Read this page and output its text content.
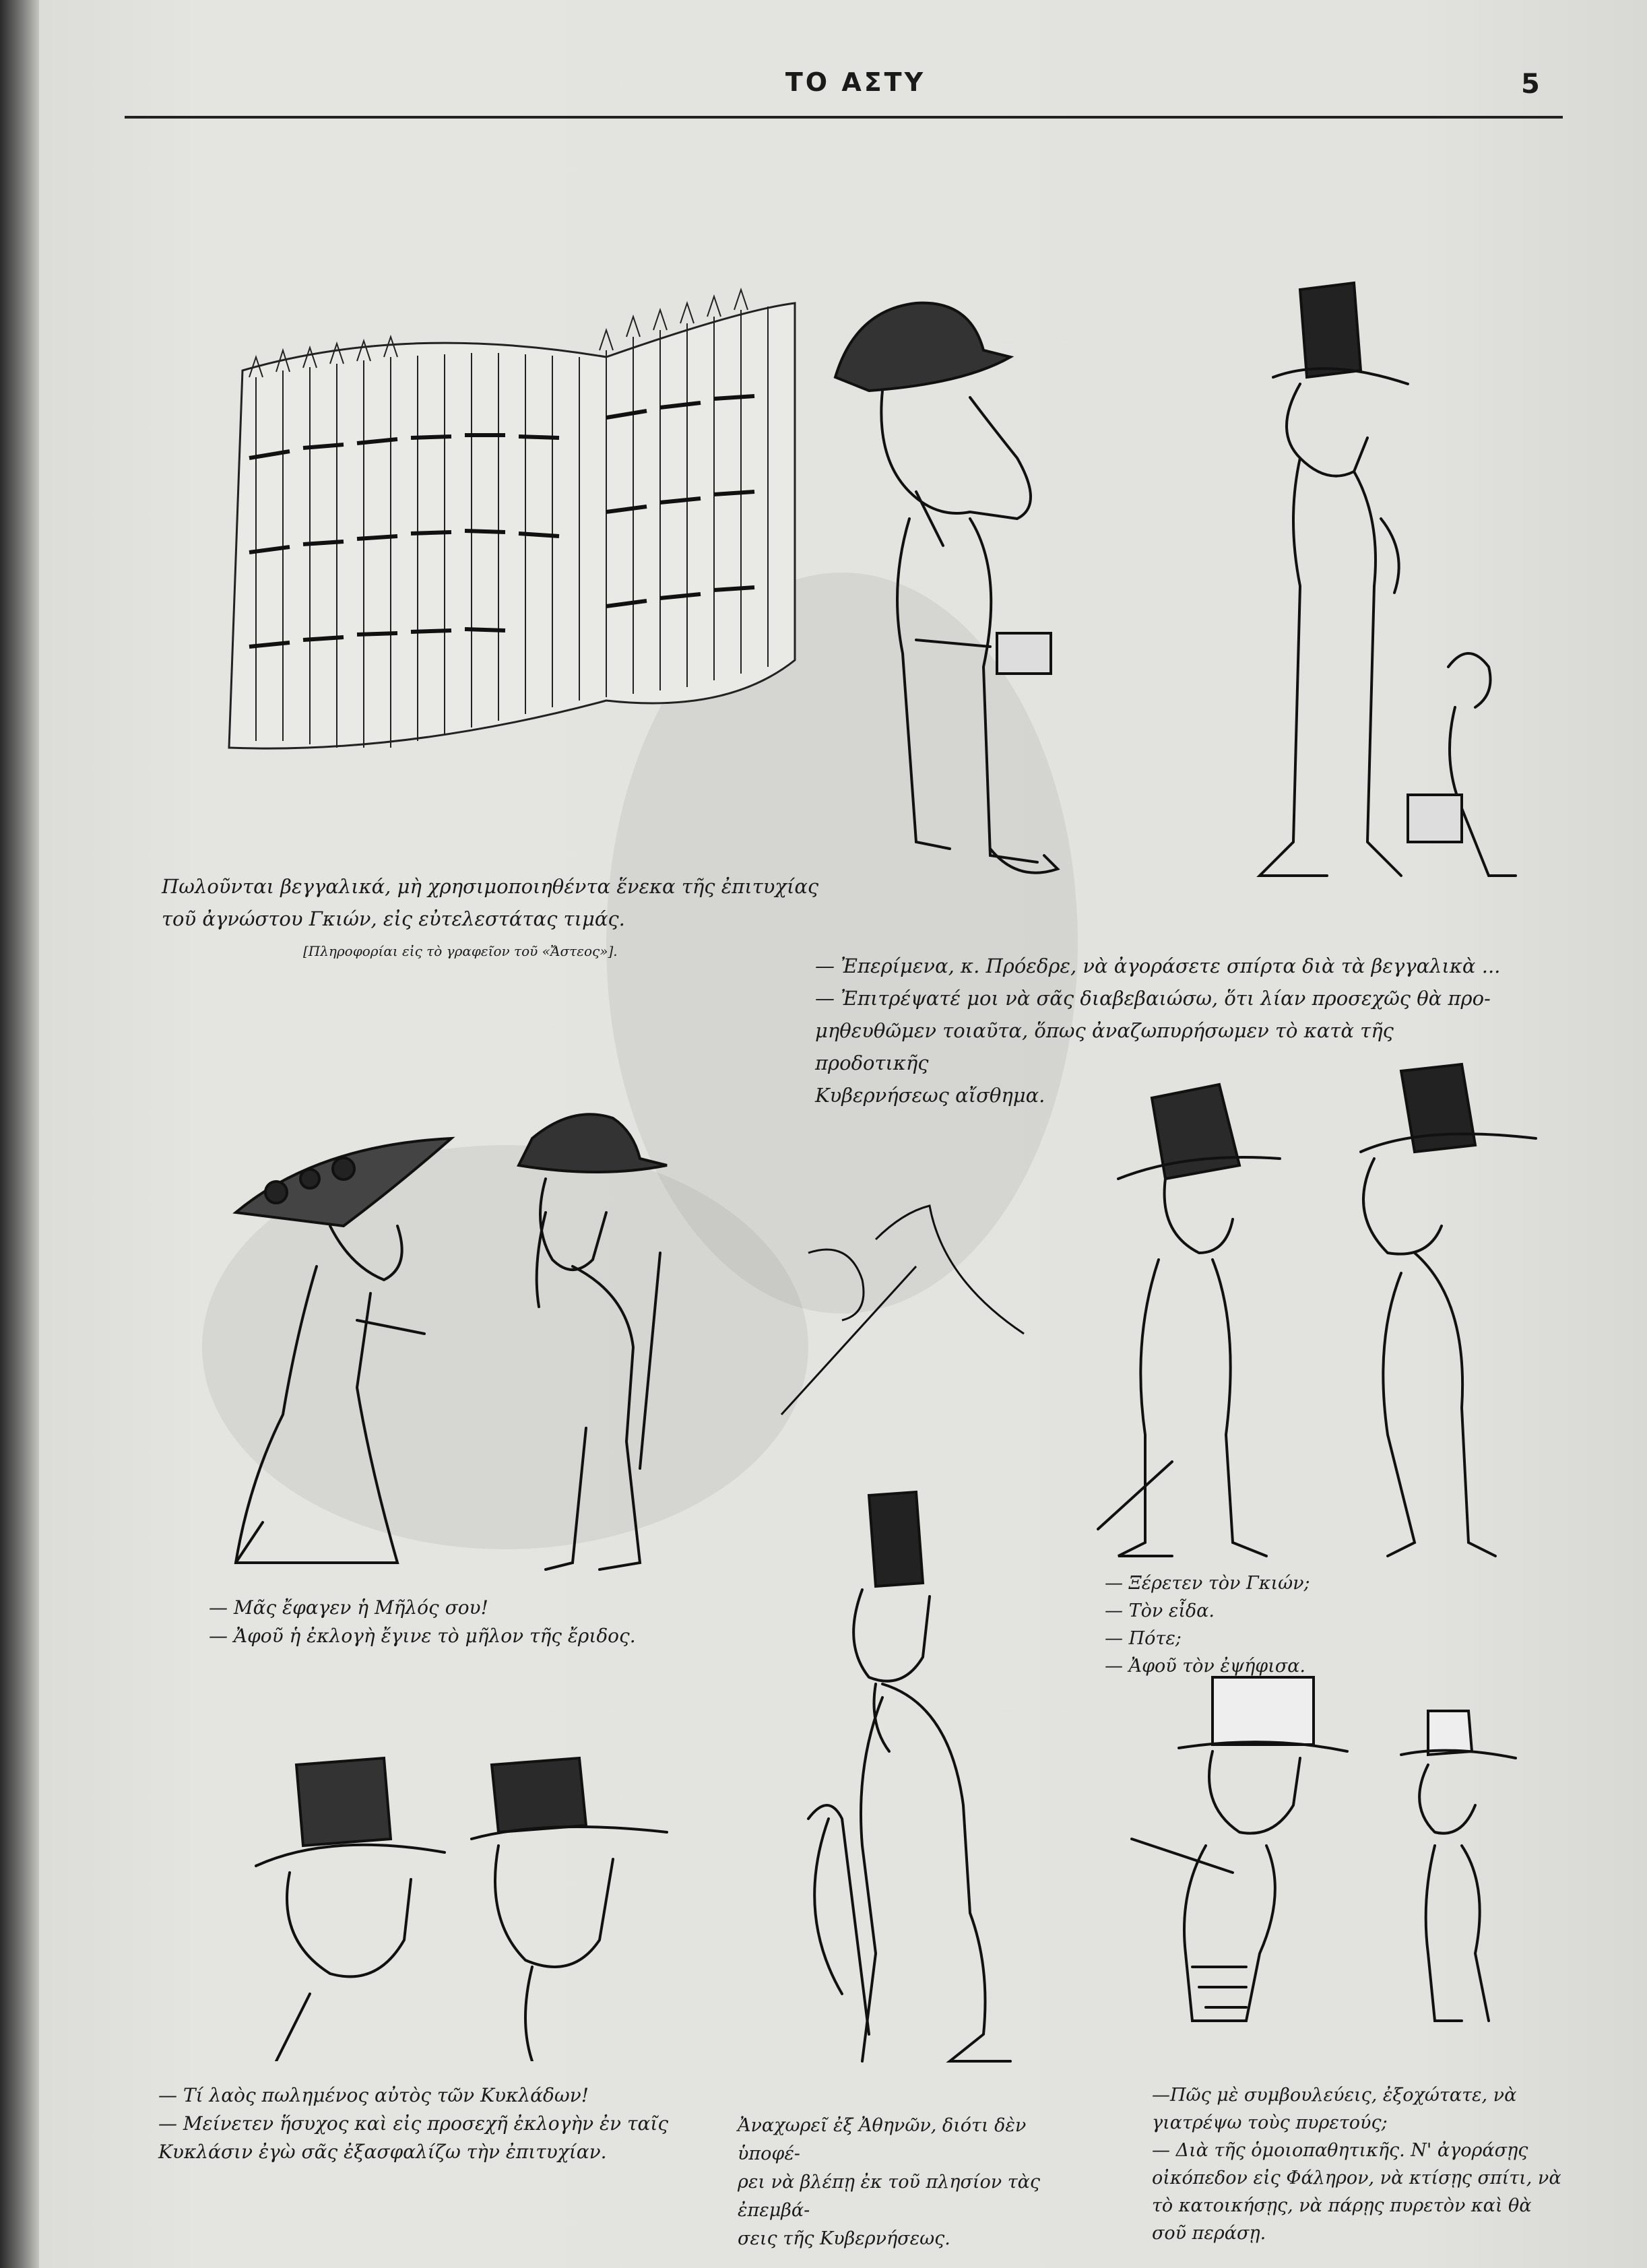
ΤΟ ΑΣΤΥ	5

Πωλοῦνται βεγγαλικά, μὴ χρησιμοποιηθέντα ἕνεκα τῆς ἐπιτυχίας

τοῦ ἀγνώστου Γκιών, εἰς εὐτελεστάτας τιμάς.

[Πληροφορίαι εἰς τὸ γραφεῖον τοῦ «Ἄστεος»].

— Ἐπερίμενα, κ. Πρόεδρε, νὰ ἀγοράσετε σπίρτα διὰ τὰ βεγγαλικὰ ...

— Ἐπιτρέψατέ μοι νὰ σᾶς διαβεβαιώσω, ὅτι λίαν προσεχῶς θὰ προ-

μηθευθῶμεν τοιαῦτα, ὅπως ἀναζωπυρήσωμεν τὸ κατὰ τῆς προδοτικῆς

Κυβερνήσεως αἴσθημα.

— Μᾶς ἔφαγεν ἡ Μῆλός σου!

— Ἀφοῦ ἡ ἐκλογὴ ἔγινε τὸ μῆλον τῆς ἔριδος.

— Ξέρετεν τὸν Γκιών;

— Τὸν εἶδα.

— Πότε;

— Ἀφοῦ τὸν ἐψήφισα.

— Τί λαὸς πωλημένος αὐτὸς τῶν Κυκλάδων!

— Μείνετεν ἥσυχος καὶ εἰς προσεχῆ ἐκλογὴν ἐν ταῖς

Κυκλάσιν ἐγὼ σᾶς ἐξασφαλίζω τὴν ἐπιτυχίαν.

Ἀναχωρεῖ ἐξ Ἀθηνῶν, διότι δὲν ὑποφέ-

ρει νὰ βλέπῃ ἐκ τοῦ πλησίον τὰς ἐπεμβά-

σεις τῆς Κυβερνήσεως.

—Πῶς μὲ συμβουλεύεις, ἐξοχώτατε, νὰ

γιατρέψω τοὺς πυρετούς;

— Διὰ τῆς ὁμοιοπαθητικῆς. Ν' ἀγοράσῃς

οἰκόπεδον εἰς Φάληρον, νὰ κτίσῃς σπίτι, νὰ

τὸ κατοικήσῃς, νὰ πάρῃς πυρετὸν καὶ θὰ

σοῦ περάσῃ.
